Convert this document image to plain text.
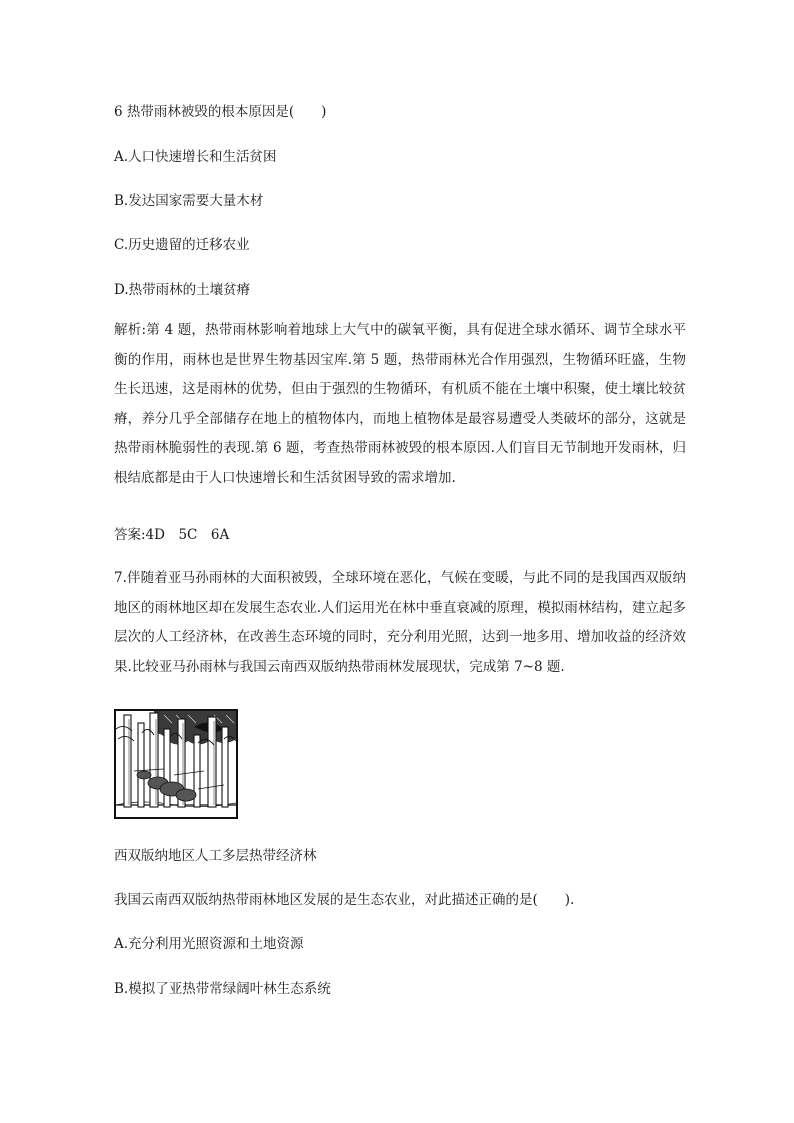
6 热带雨林被毁的根本原因是(　　)

A.人口快速增长和生活贫困

B.发达国家需要大量木材

C.历史遗留的迁移农业

D.热带雨林的土壤贫瘠

解析:第 4 题，热带雨林影响着地球上大气中的碳氧平衡，具有促进全球水循环、调节全球水平衡的作用，雨林也是世界生物基因宝库.第 5 题，热带雨林光合作用强烈，生物循环旺盛，生物生长迅速，这是雨林的优势，但由于强烈的生物循环，有机质不能在土壤中积聚，使土壤比较贫瘠，养分几乎全部储存在地上的植物体内，而地上植物体是最容易遭受人类破坏的部分，这就是热带雨林脆弱性的表现.第 6 题，考查热带雨林被毁的根本原因.人们盲目无节制地开发雨林，归根结底都是由于人口快速增长和生活贫困导致的需求增加.

答案:4D　5C　6A

7.伴随着亚马孙雨林的大面积被毁，全球环境在恶化，气候在变暖，与此不同的是我国西双版纳地区的雨林地区却在发展生态农业.人们运用光在林中垂直衰减的原理，模拟雨林结构，建立起多层次的人工经济林，在改善生态环境的同时，充分利用光照，达到一地多用、增加收益的经济效果.比较亚马孙雨林与我国云南西双版纳热带雨林发展现状，完成第 7~8 题.

西双版纳地区人工多层热带经济林

我国云南西双版纳热带雨林地区发展的是生态农业，对此描述正确的是(　　).

A.充分利用光照资源和土地资源

B.模拟了亚热带常绿阔叶林生态系统
